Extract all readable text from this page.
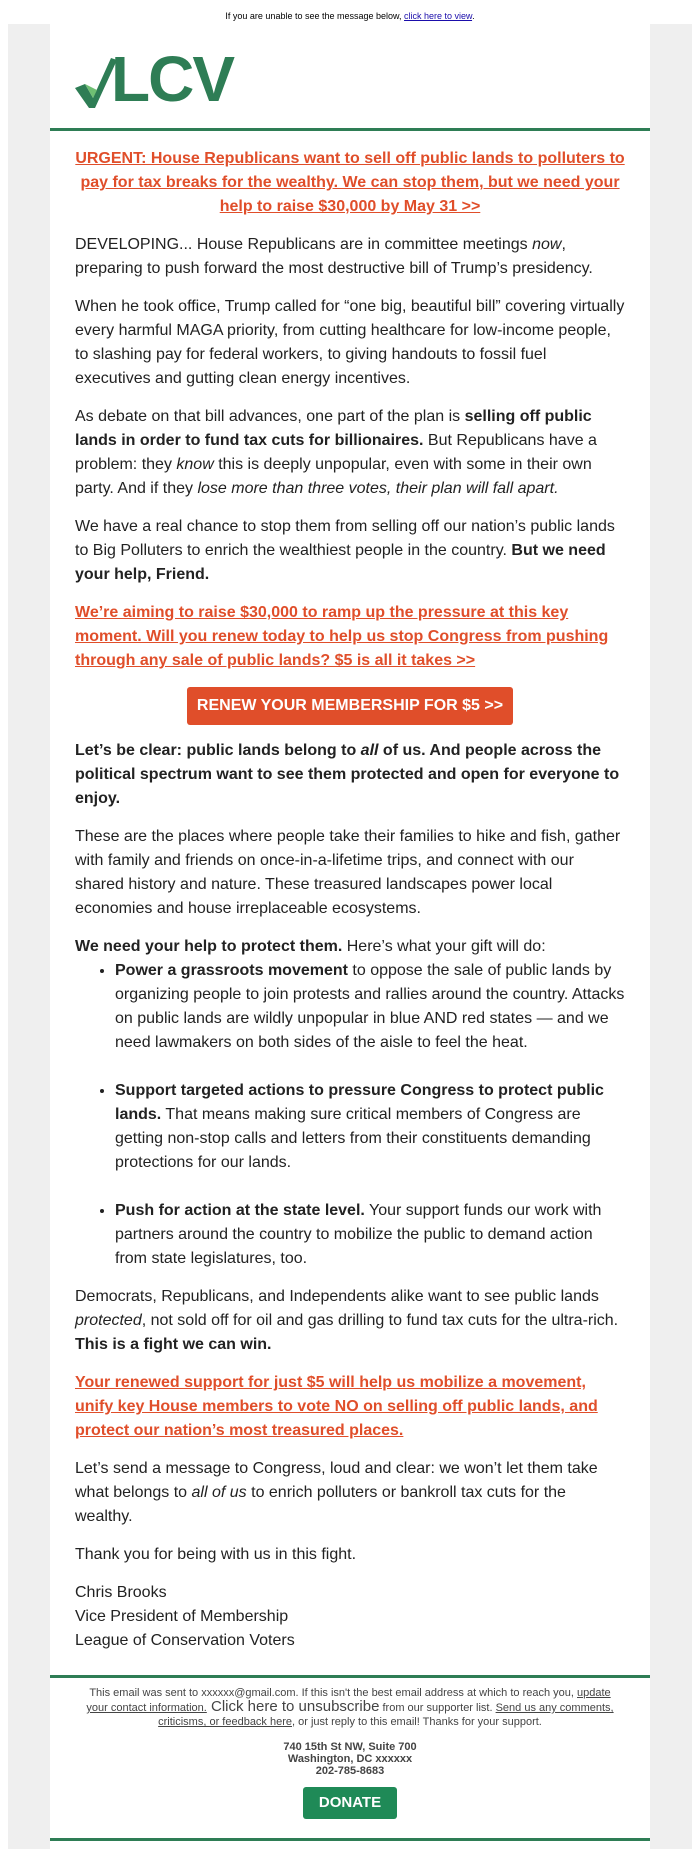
If you are unable to see the message below, click here to view.
LCV
URGENT: House Republicans want to sell off public lands to polluters to pay for tax breaks for the wealthy. We can stop them, but we need your help to raise $30,000 by May 31 >>

DEVELOPING... House Republicans are in committee meetings now, preparing to push forward the most destructive bill of Trump’s presidency.

When he took office, Trump called for “one big, beautiful bill” covering virtually every harmful MAGA priority, from cutting healthcare for low-income people, to slashing pay for federal workers, to giving handouts to fossil fuel executives and gutting clean energy incentives.

As debate on that bill advances, one part of the plan is selling off public lands in order to fund tax cuts for billionaires. But Republicans have a problem: they know this is deeply unpopular, even with some in their own party. And if they lose more than three votes, their plan will fall apart.

We have a real chance to stop them from selling off our nation’s public lands to Big Polluters to enrich the wealthiest people in the country. But we need your help, Friend.

We’re aiming to raise $30,000 to ramp up the pressure at this key moment. Will you renew today to help us stop Congress from pushing through any sale of public lands? $5 is all it takes >>

RENEW YOUR MEMBERSHIP FOR $5 >>

Let’s be clear: public lands belong to all of us. And people across the political spectrum want to see them protected and open for everyone to enjoy.

These are the places where people take their families to hike and fish, gather with family and friends on once-in-a-lifetime trips, and connect with our shared history and nature. These treasured landscapes power local economies and house irreplaceable ecosystems.

We need your help to protect them. Here’s what your gift will do:

• Power a grassroots movement to oppose the sale of public lands by organizing people to join protests and rallies around the country. Attacks on public lands are wildly unpopular in blue AND red states — and we need lawmakers on both sides of the aisle to feel the heat.
• Support targeted actions to pressure Congress to protect public lands. That means making sure critical members of Congress are getting non-stop calls and letters from their constituents demanding protections for our lands.
• Push for action at the state level. Your support funds our work with partners around the country to mobilize the public to demand action from state legislatures, too.

Democrats, Republicans, and Independents alike want to see public lands protected, not sold off for oil and gas drilling to fund tax cuts for the ultra-rich. This is a fight we can win.

Your renewed support for just $5 will help us mobilize a movement, unify key House members to vote NO on selling off public lands, and protect our nation’s most treasured places.

Let’s send a message to Congress, loud and clear: we won’t let them take what belongs to all of us to enrich polluters or bankroll tax cuts for the wealthy.

Thank you for being with us in this fight.

Chris Brooks
Vice President of Membership
League of Conservation Voters
This email was sent to xxxxxx@gmail.com. If this isn't the best email address at which to reach you, update your contact information. Click here to unsubscribe from our supporter list. Send us any comments, criticisms, or feedback here, or just reply to this email! Thanks for your support.
740 15th St NW, Suite 700
Washington, DC xxxxxx
202-785-8683
DONATE
